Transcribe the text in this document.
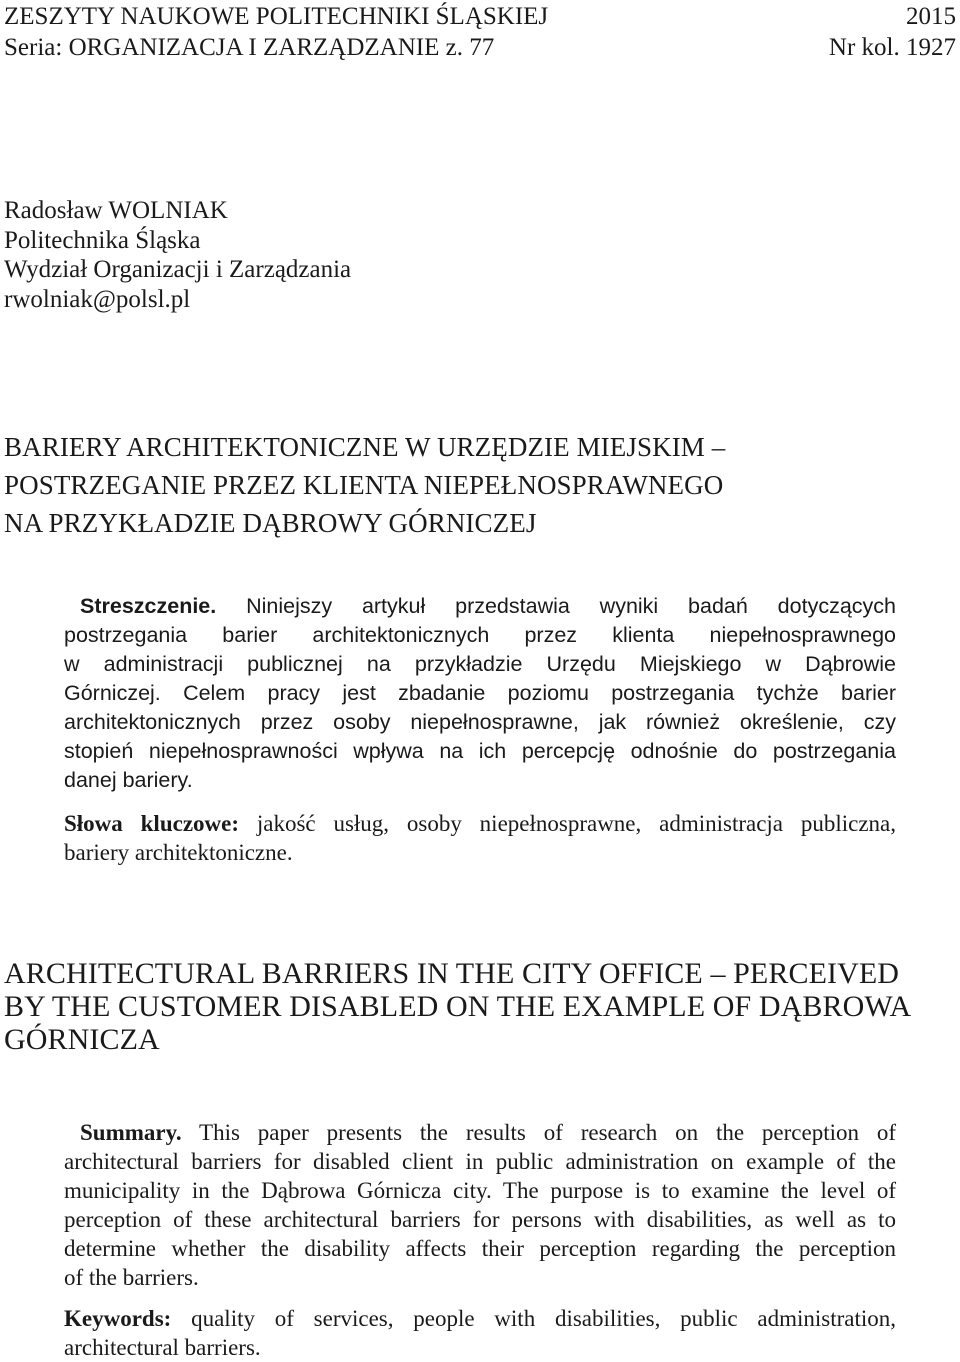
ZESZYTY NAUKOWE POLITECHNIKI ŚLĄSKIEJ	2015
Seria: ORGANIZACJA I ZARZĄDZANIE z. 77	Nr kol. 1927
Radosław WOLNIAK
Politechnika Śląska
Wydział Organizacji i Zarządzania
rwolniak@polsl.pl
BARIERY ARCHITEKTONICZNE W URZĘDZIE MIEJSKIM –
POSTRZEGANIE PRZEZ KLIENTA NIEPEŁNOSPRAWNEGO
NA PRZYKŁADZIE DĄBROWY GÓRNICZEJ
Streszczenie. Niniejszy artykuł przedstawia wyniki badań dotyczących
postrzegania barier architektonicznych przez klienta niepełnosprawnego
w administracji publicznej na przykładzie Urzędu Miejskiego w Dąbrowie
Górniczej. Celem pracy jest zbadanie poziomu postrzegania tychże barier
architektonicznych przez osoby niepełnosprawne, jak również określenie, czy
stopień niepełnosprawności wpływa na ich percepcję odnośnie do postrzegania
danej bariery.
Słowa kluczowe: jakość usług, osoby niepełnosprawne, administracja publiczna,
bariery architektoniczne.
ARCHITECTURAL BARRIERS IN THE CITY OFFICE – PERCEIVED
BY THE CUSTOMER DISABLED ON THE EXAMPLE OF DĄBROWA
GÓRNICZA
Summary. This paper presents the results of research on the perception of
architectural barriers for disabled client in public administration on example of the
municipality in the Dąbrowa Górnicza city. The purpose is to examine the level of
perception of these architectural barriers for persons with disabilities, as well as to
determine whether the disability affects their perception regarding the perception
of the barriers.
Keywords: quality of services, people with disabilities, public administration,
architectural barriers.
